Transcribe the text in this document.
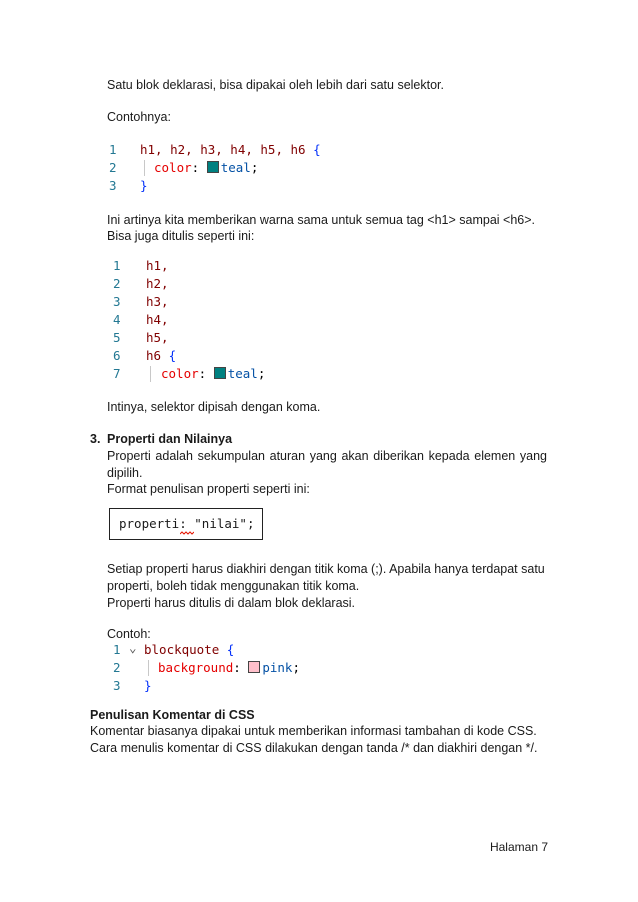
Satu blok deklarasi, bisa dipakai oleh lebih dari satu selektor.
Contohnya:
1
2
3
h1, h2, h3, h4, h5, h6 {
color: teal;
}
Ini artinya kita memberikan warna sama untuk semua tag <h1> sampai <h6>.
Bisa juga ditulis seperti ini:
1
2
3
4
5
6
7
h1,
h2,
h3,
h4,
h5,
h6 {
color: teal;
Intinya, selektor dipisah dengan koma.
3. Properti dan Nilainya
Properti adalah sekumpulan aturan yang akan diberikan kepada elemen yang dipilih.
Format penulisan properti seperti ini:
properti: "nilai";
Setiap properti harus diakhiri dengan titik koma (;). Apabila hanya terdapat satu
properti, boleh tidak menggunakan titik koma.
Properti harus ditulis di dalam blok deklarasi.
Contoh:
1
2
3
⌄ blockquote {
background: pink;
}
Penulisan Komentar di CSS
Komentar biasanya dipakai untuk memberikan informasi tambahan di kode CSS.
Cara menulis komentar di CSS dilakukan dengan tanda /* dan diakhiri dengan */.
Halaman 7
